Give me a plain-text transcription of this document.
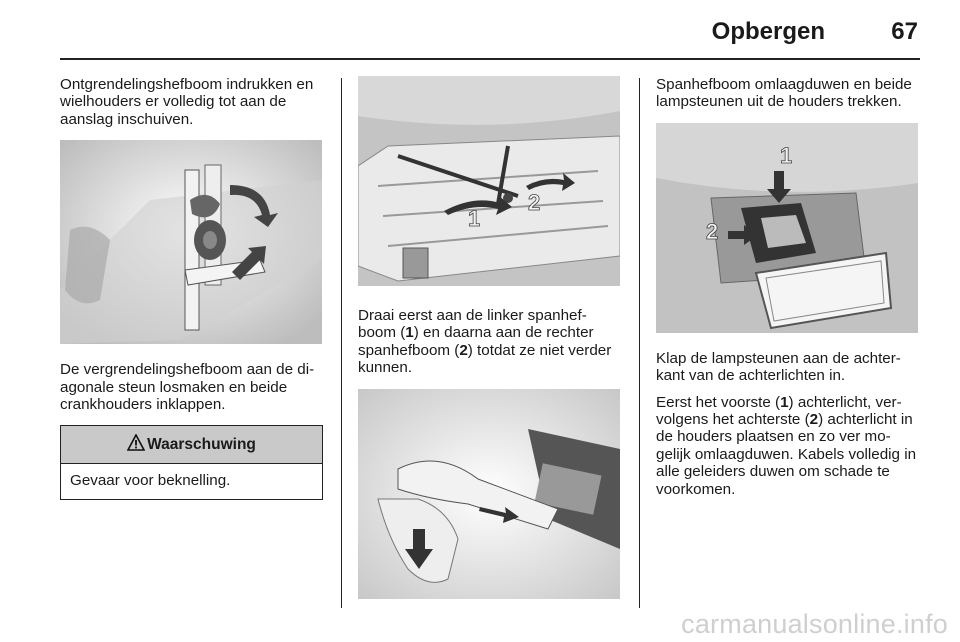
Opbergen	67

Ontgrendelingshefboom indrukken en wielhouders er volledig tot aan de aanslag inschuiven.

De vergrendelingshefboom aan de di-agonale steun losmaken en beide crankhouders inklappen.

Waarschuwing
Gevaar voor beknelling.
1
2

Draai eerst aan de linker spanhef-boom (1) en daarna aan de rechter spanhefboom (2) totdat ze niet verder kunnen.

Spanhefboom omlaagduwen en beide lampsteunen uit de houders trekken.

1
2

Klap de lampsteunen aan de achter-kant van de achterlichten in.

Eerst het voorste (1) achterlicht, ver-volgens het achterste (2) achterlicht in de houders plaatsen en zo ver mo-gelijk omlaagduwen. Kabels volledig in alle geleiders duwen om schade te voorkomen.

carmanualsonline.info
